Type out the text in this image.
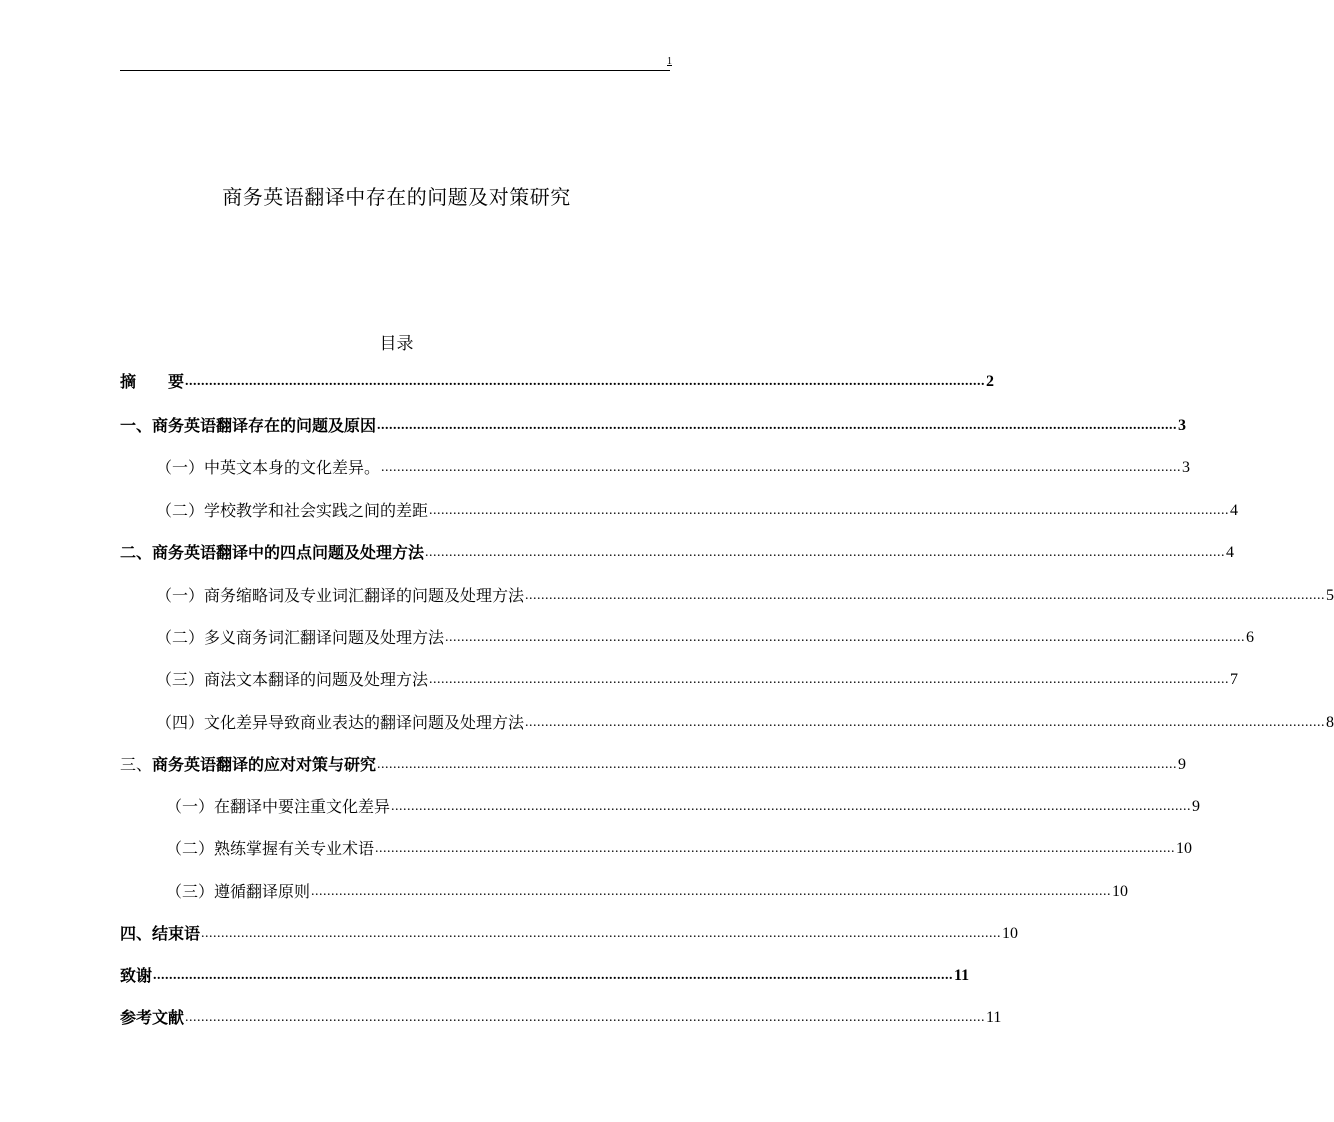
1
商务英语翻译中存在的问题及对策研究
目录
摘　　要 ........................................................................................................................................................................................................ 2
一、商务英语翻译存在的问题及原因 ........................................................................................................................................................................................................ 3
（一）中英文本身的文化差异。 ........................................................................................................................................................................................................ 3
（二）学校教学和社会实践之间的差距 ........................................................................................................................................................................................................ 4
二、商务英语翻译中的四点问题及处理方法 ........................................................................................................................................................................................................ 4
（一）商务缩略词及专业词汇翻译的问题及处理方法 ........................................................................................................................................................................................................ 5
（二）多义商务词汇翻译问题及处理方法 ........................................................................................................................................................................................................ 6
（三）商法文本翻译的问题及处理方法 ........................................................................................................................................................................................................ 7
（四）文化差异导致商业表达的翻译问题及处理方法 ........................................................................................................................................................................................................ 8
三、商务英语翻译的应对对策与研究 ........................................................................................................................................................................................................ 9
（一）在翻译中要注重文化差异 ........................................................................................................................................................................................................ 9
（二）熟练掌握有关专业术语 ........................................................................................................................................................................................................ 10
（三）遵循翻译原则 ........................................................................................................................................................................................................ 10
四、结束语 ........................................................................................................................................................................................................ 10
致谢 ........................................................................................................................................................................................................ 11
参考文献 ........................................................................................................................................................................................................ 11
